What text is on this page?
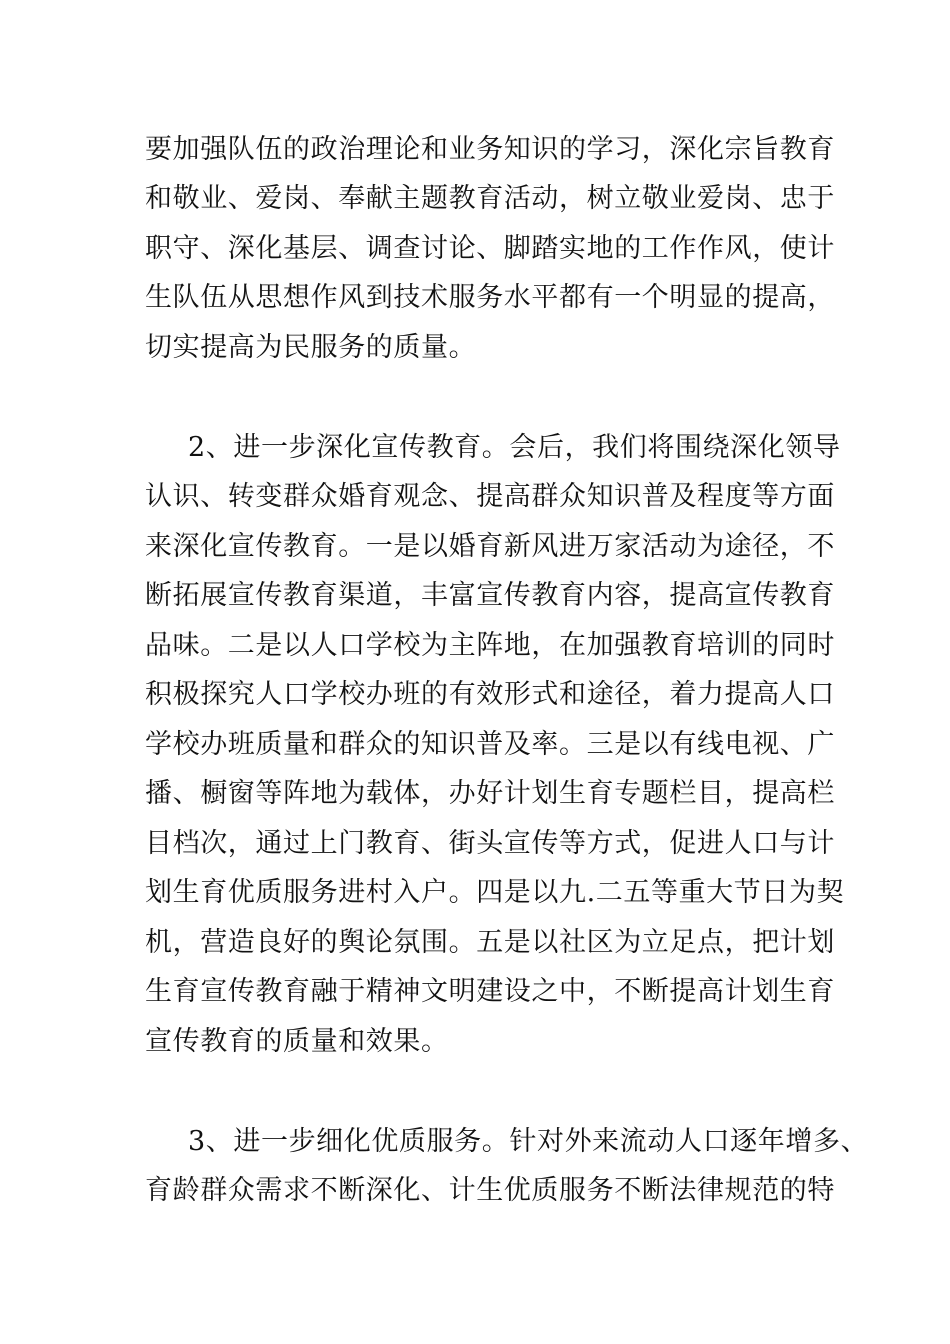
要加强队伍的政治理论和业务知识的学习，深化宗旨教育
和敬业、爱岗、奉献主题教育活动，树立敬业爱岗、忠于
职守、深化基层、调查讨论、脚踏实地的工作作风，使计
生队伍从思想作风到技术服务水平都有一个明显的提高，
切实提高为民服务的质量。
2、进一步深化宣传教育。会后，我们将围绕深化领导
认识、转变群众婚育观念、提高群众知识普及程度等方面
来深化宣传教育。一是以婚育新风进万家活动为途径，不
断拓展宣传教育渠道，丰富宣传教育内容，提高宣传教育
品味。二是以人口学校为主阵地，在加强教育培训的同时
积极探究人口学校办班的有效形式和途径，着力提高人口
学校办班质量和群众的知识普及率。三是以有线电视、广
播、橱窗等阵地为载体，办好计划生育专题栏目，提高栏
目档次，通过上门教育、街头宣传等方式，促进人口与计
划生育优质服务进村入户。四是以九.二五等重大节日为契
机，营造良好的舆论氛围。五是以社区为立足点，把计划
生育宣传教育融于精神文明建设之中，不断提高计划生育
宣传教育的质量和效果。
3、进一步细化优质服务。针对外来流动人口逐年增多、
育龄群众需求不断深化、计生优质服务不断法律规范的特
